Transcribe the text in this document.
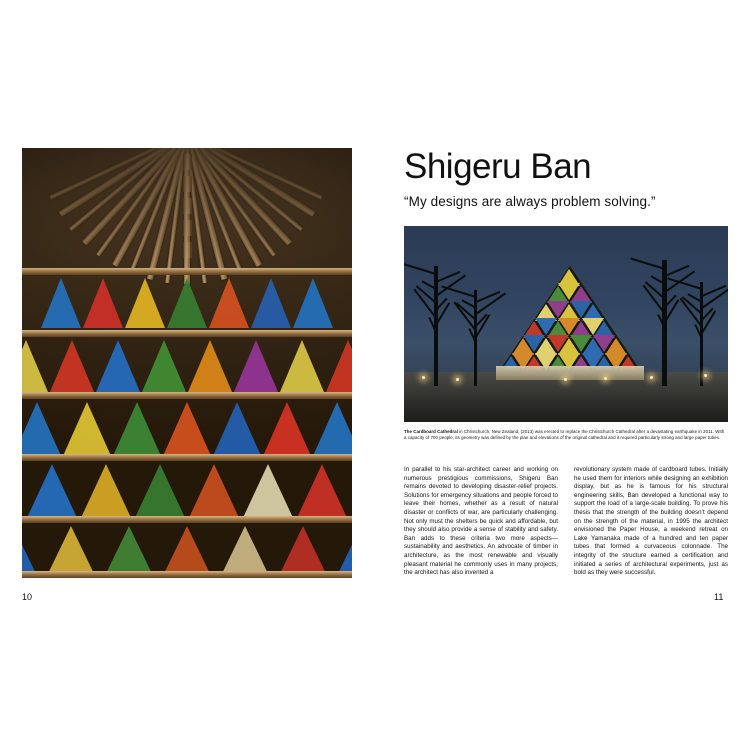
10
Shigeru Ban

“My designs are always problem solving.”

The Cardboard Cathedral in Christchurch, New Zealand, (2013) was erected to replace the Christchurch Cathedral after a devastating earthquake in 2011. With a capacity of 700 people, its geometry was defined by the plan and elevations of the original cathedral and it required particularly strong and large paper tubes.
In parallel to his star-architect career and working on numerous prestigious commissions, Shigeru Ban remains devoted to developing disaster-relief projects. Solutions for emergency situations and people forced to leave their homes, whether as a result of natural disaster or conflicts of war, are particularly challenging. Not only must the shelters be quick and affordable, but they should also provide a sense of stability and safety. Ban adds to these criteria two more aspects—sustainability and aesthetics. An advocate of timber in architecture, as the most renewable and visually pleasant material he commonly uses in many projects, the architect has also invented a
revolutionary system made of cardboard tubes. Initially he used them for interiors while designing an exhibition display, but as he is famous for his structural engineering skills, Ban developed a functional way to support the load of a large-scale building. To prove his thesis that the strength of the building doesn’t depend on the strength of the material, in 1995 the architect envisioned the Paper House, a weekend retreat on Lake Yamanaka made of a hundred and ten paper tubes that formed a curvaceous colonnade. The integrity of the structure earned a certification and initiated a series of architectural experiments, just as bold as they were successful.
11
